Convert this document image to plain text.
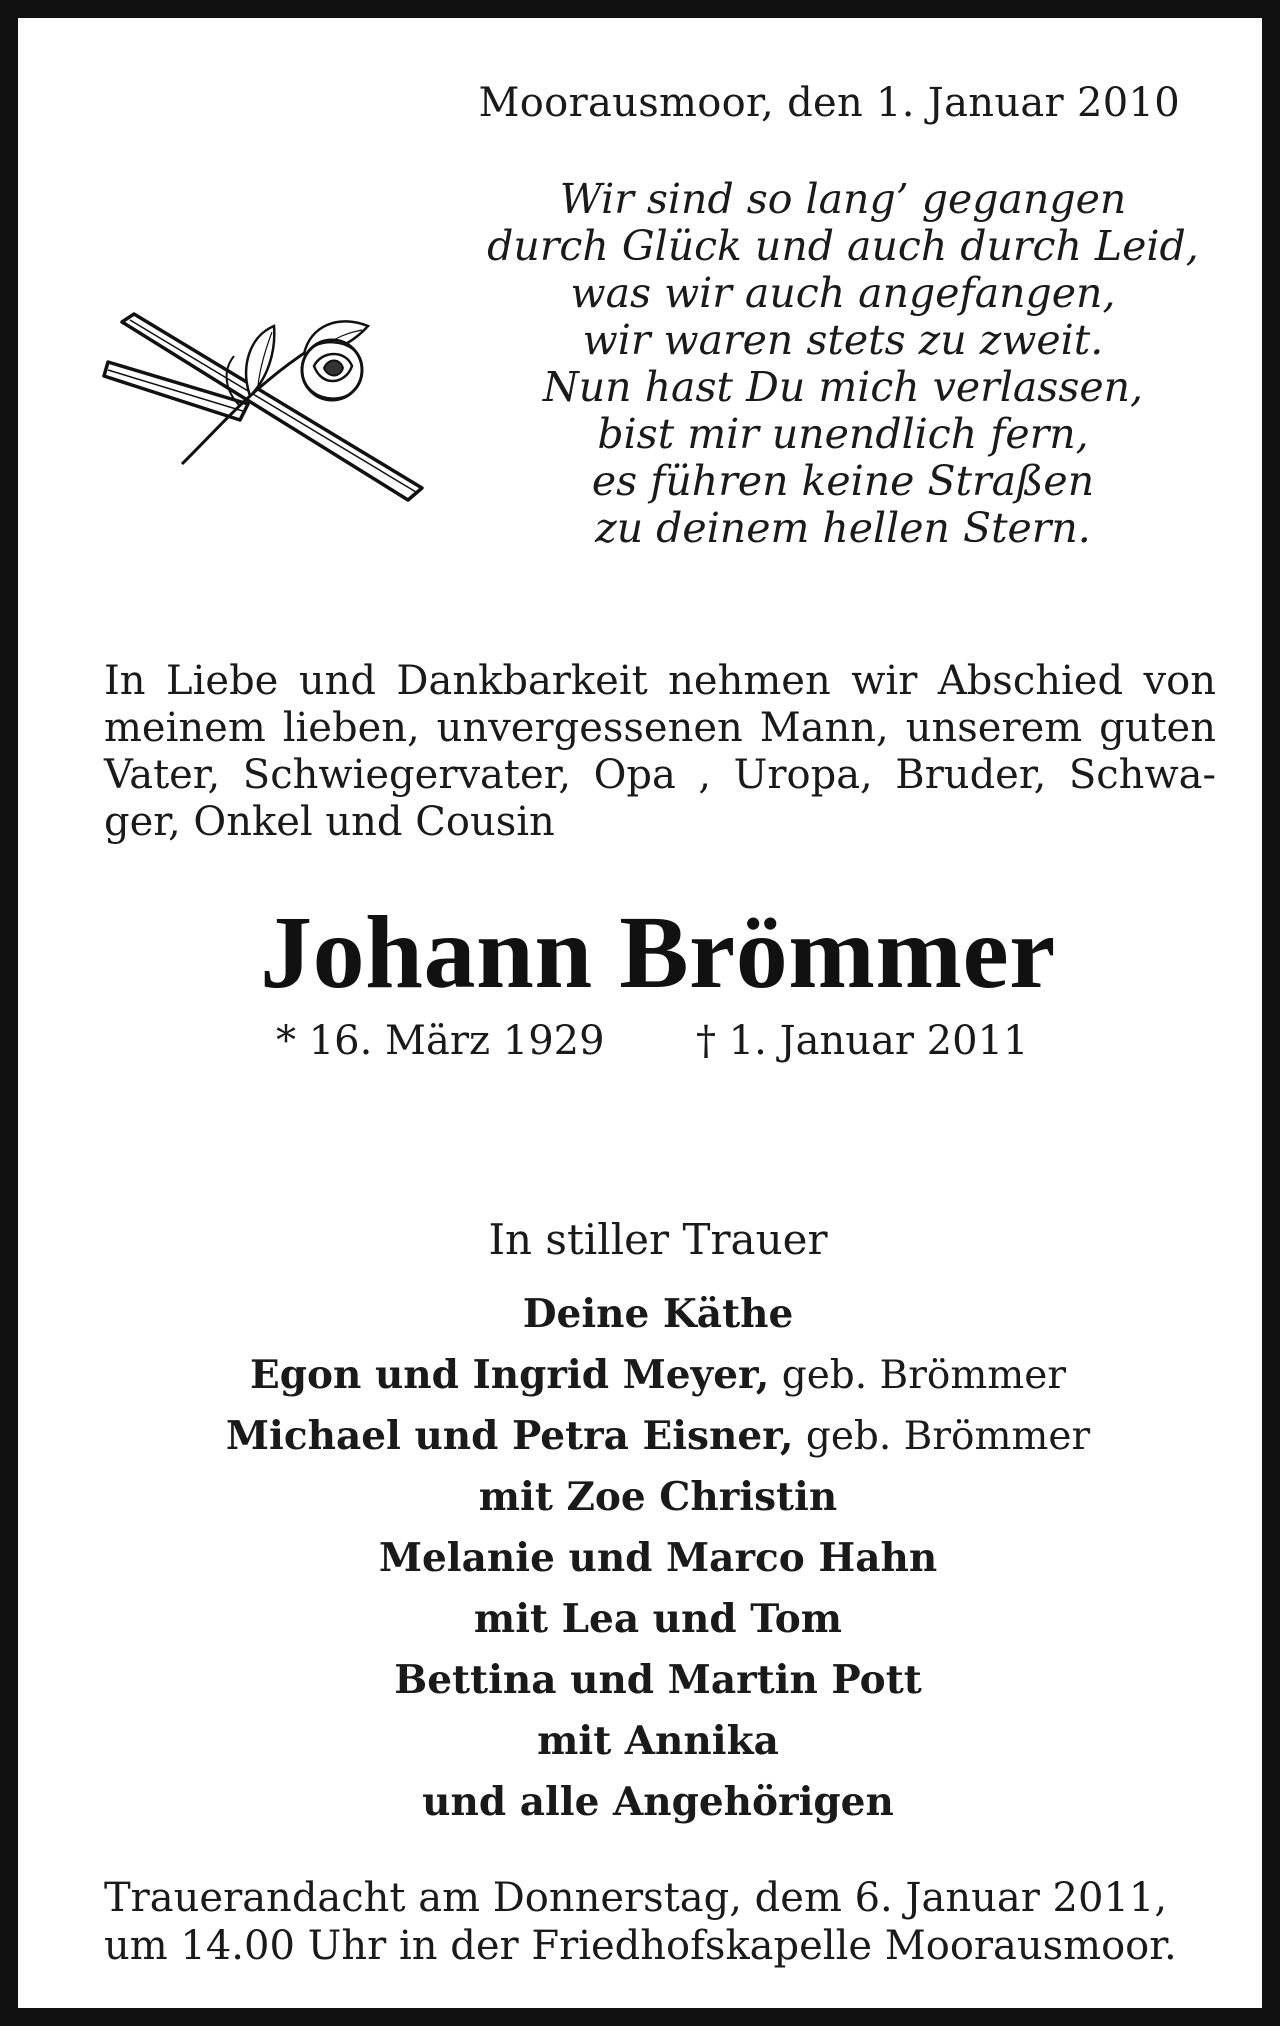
Moorausmoor, den 1. Januar 2010
Wir sind so lang’ gegangen
durch Glück und auch durch Leid,
was wir auch angefangen,
wir waren stets zu zweit.
Nun hast Du mich verlassen,
bist mir unendlich fern,
es führen keine Straßen
zu deinem hellen Stern.
In Liebe und Dankbarkeit nehmen wir Abschied von
meinem lieben, unvergessenen Mann, unserem guten
Vater, Schwiegervater, Opa , Uropa, Bruder, Schwa-
ger, Onkel und Cousin
Johann Brömmer
* 16. März 1929 † 1. Januar 2011
In stiller Trauer
Deine Käthe
Egon und Ingrid Meyer, geb. Brömmer
Michael und Petra Eisner, geb. Brömmer
mit Zoe Christin
Melanie und Marco Hahn
mit Lea und Tom
Bettina und Martin Pott
mit Annika
und alle Angehörigen
Trauerandacht am Donnerstag, dem 6. Januar 2011,
um 14.00 Uhr in der Friedhofskapelle Moorausmoor.
